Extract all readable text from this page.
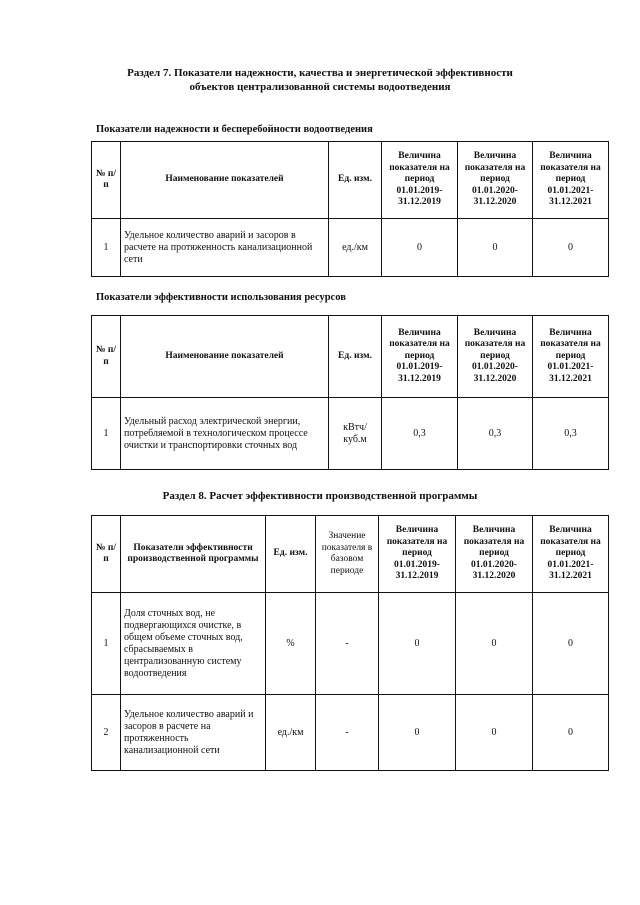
Раздел 7. Показатели надежности, качества и энергетической эффективности
объектов централизованной системы водоотведения
Показатели надежности и бесперебойности водоотведения
№ п/п	Наименование показателей	Ед. изм.	Величина показателя на период 01.01.2019-31.12.2019	Величина показателя на период 01.01.2020-31.12.2020	Величина показателя на период 01.01.2021-31.12.2021
1	Удельное количество аварий и засоров в расчете на протяженность канализационной сети	ед./км	0	0	0
Показатели эффективности использования ресурсов
№ п/п	Наименование показателей	Ед. изм.	Величина показателя на период 01.01.2019-31.12.2019	Величина показателя на период 01.01.2020-31.12.2020	Величина показателя на период 01.01.2021-31.12.2021
1	Удельный расход электрической энергии, потребляемой в технологическом процессе очистки и транспортировки сточных вод	кВтч/ куб.м	0,3	0,3	0,3
Раздел 8. Расчет эффективности производственной программы
№ п/п	Показатели эффективности производственной программы	Ед. изм.	Значение показателя в базовом периоде	Величина показателя на период 01.01.2019-31.12.2019	Величина показателя на период 01.01.2020-31.12.2020	Величина показателя на период 01.01.2021-31.12.2021
1	Доля сточных вод, не подвергающихся очистке, в общем объеме сточных вод, сбрасываемых в централизованную систему водоотведения	%	-	0	0	0
2	Удельное количество аварий и засоров в расчете на протяженность канализационной сети	ед./км	-	0	0	0
